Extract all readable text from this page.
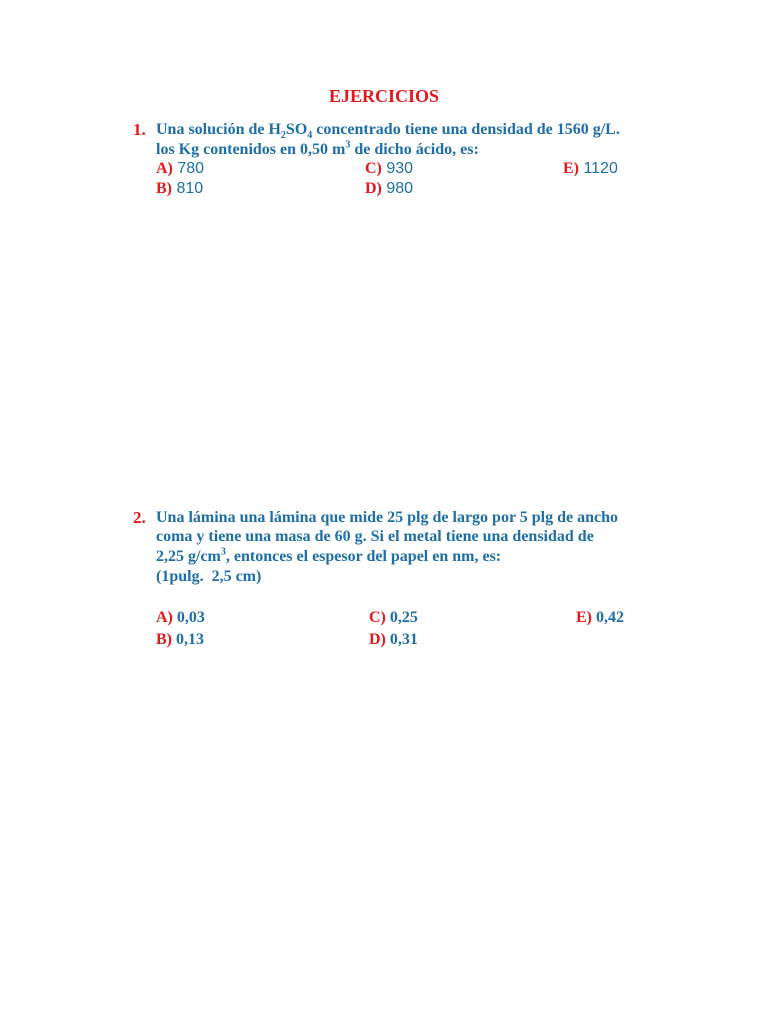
EJERCICIOS
1. Una solución de $H_2SO_4$ concentrado tiene una densidad de 1560 g/L.
los Kg contenidos en 0,50 $m^3$ de dicho ácido, es:
A) 780
B) 810
C) 930
D) 980
E) 1120
2. Una lámina una lámina que mide 25 plg de largo por 5 plg de ancho
coma y tiene una masa de 60 g. Si el metal tiene una densidad de
2,25 $g/cm^3$, entonces el espesor del papel en nm, es:
(1pulg.  2,5 cm)
A) 0,03
B) 0,13
C) 0,25
D) 0,31
E) 0,42
